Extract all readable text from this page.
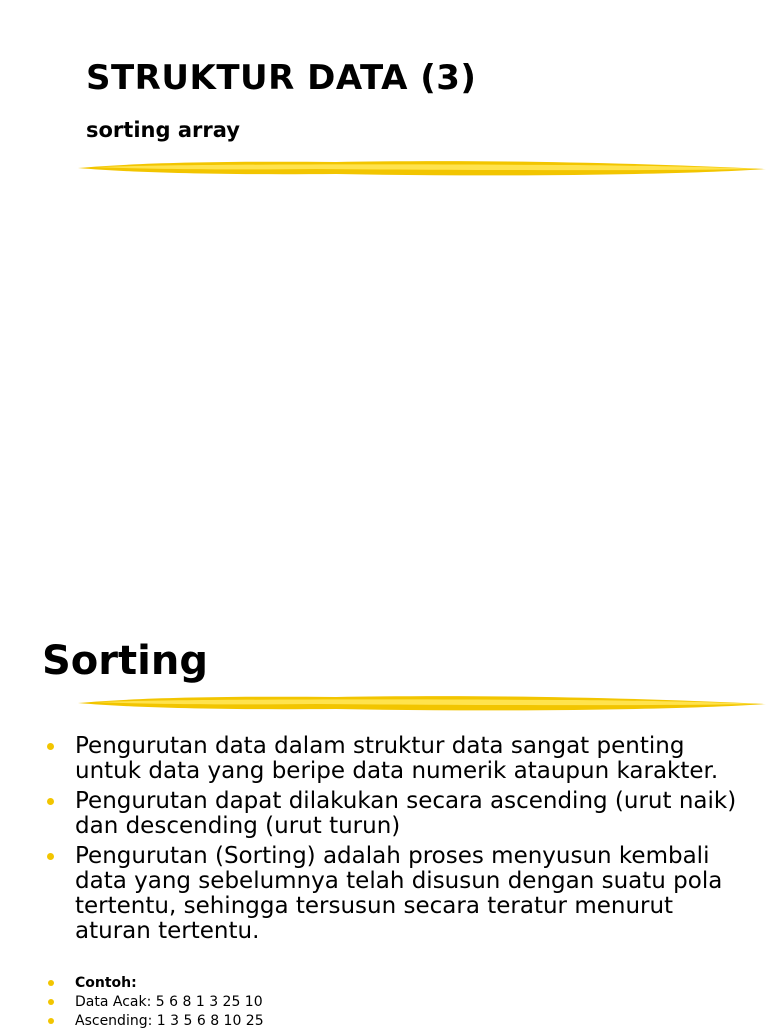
STRUKTUR DATA (3)
sorting array
Sorting
Pengurutan data dalam struktur data sangat penting untuk data yang beripe data numerik ataupun karakter.
Pengurutan dapat dilakukan secara ascending (urut naik) dan descending (urut turun)
Pengurutan (Sorting) adalah proses menyusun kembali data yang sebelumnya telah disusun dengan suatu pola tertentu, sehingga tersusun secara teratur menurut aturan tertentu.
Contoh:
Data Acak: 5 6 8 1 3 25 10
Ascending: 1 3 5 6 8 10 25
